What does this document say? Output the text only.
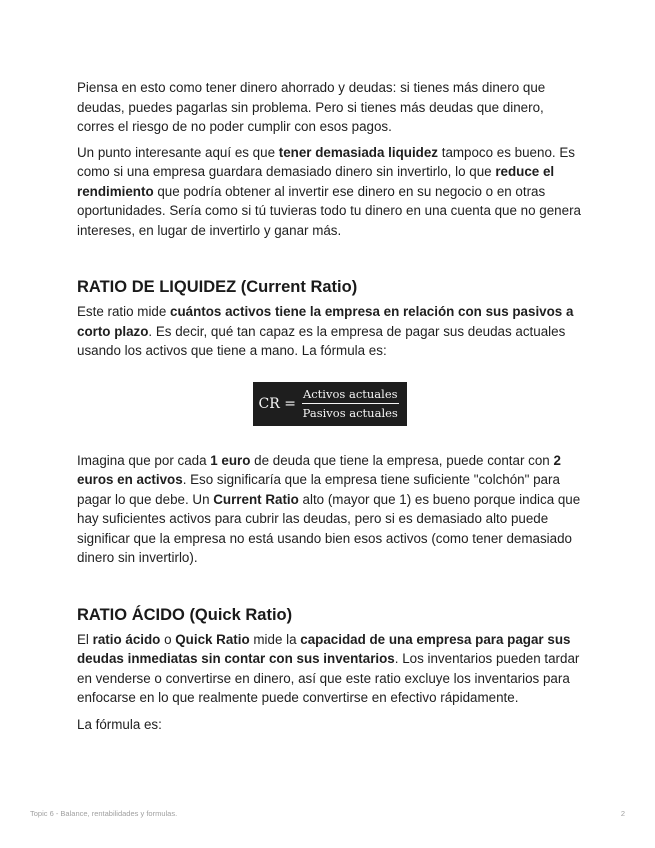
Piensa en esto como tener dinero ahorrado y deudas: si tienes más dinero que deudas, puedes pagarlas sin problema. Pero si tienes más deudas que dinero, corres el riesgo de no poder cumplir con esos pagos.

Un punto interesante aquí es que tener demasiada liquidez tampoco es bueno. Es como si una empresa guardara demasiado dinero sin invertirlo, lo que reduce el rendimiento que podría obtener al invertir ese dinero en su negocio o en otras oportunidades. Sería como si tú tuvieras todo tu dinero en una cuenta que no genera intereses, en lugar de invertirlo y ganar más.

RATIO DE LIQUIDEZ (Current Ratio)

Este ratio mide cuántos activos tiene la empresa en relación con sus pasivos a corto plazo. Es decir, qué tan capaz es la empresa de pagar sus deudas actuales usando los activos que tiene a mano. La fórmula es:

CR = $\frac{\text{Activos actuales}}{\text{Pasivos actuales}}$

Imagina que por cada 1 euro de deuda que tiene la empresa, puede contar con 2 euros en activos. Eso significaría que la empresa tiene suficiente "colchón" para pagar lo que debe. Un Current Ratio alto (mayor que 1) es bueno porque indica que hay suficientes activos para cubrir las deudas, pero si es demasiado alto puede significar que la empresa no está usando bien esos activos (como tener demasiado dinero sin invertirlo).

RATIO ÁCIDO (Quick Ratio)

El ratio ácido o Quick Ratio mide la capacidad de una empresa para pagar sus deudas inmediatas sin contar con sus inventarios. Los inventarios pueden tardar en venderse o convertirse en dinero, así que este ratio excluye los inventarios para enfocarse en lo que realmente puede convertirse en efectivo rápidamente.

La fórmula es:

Topic 6 - Balance, rentabilidades y formulas.	2
